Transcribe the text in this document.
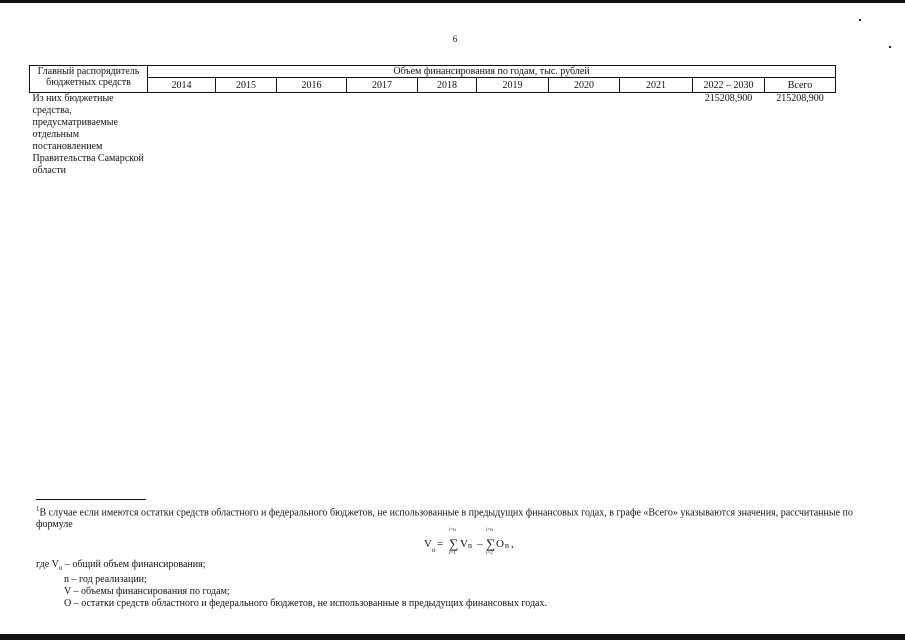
6
Главный распорядитель бюджетных средств	Объем финансирования по годам, тыс. рублей									
	2014	2015	2016	2017	2018	2019	2020	2021	2022 – 2030	Всего
Из них бюджетные средства, предусматриваемые отдельным постановлением Правительства Самарской области									215208,900	215208,900
$^1$В случае если имеются остатки средств областного и федерального бюджетов, не использованные в предыдущих финансовых годах, в графе «Всего» указываются значения, рассчитанные по формуле
V o =
i=n
∑
i=1
V n –
i=n
∑
i=2
O n ,
где $V_o$ – общий объем финансирования;
n – год реализации;
V – объемы финансирования по годам;
O – остатки средств областного и федерального бюджетов, не использованные в предыдущих финансовых годах.
